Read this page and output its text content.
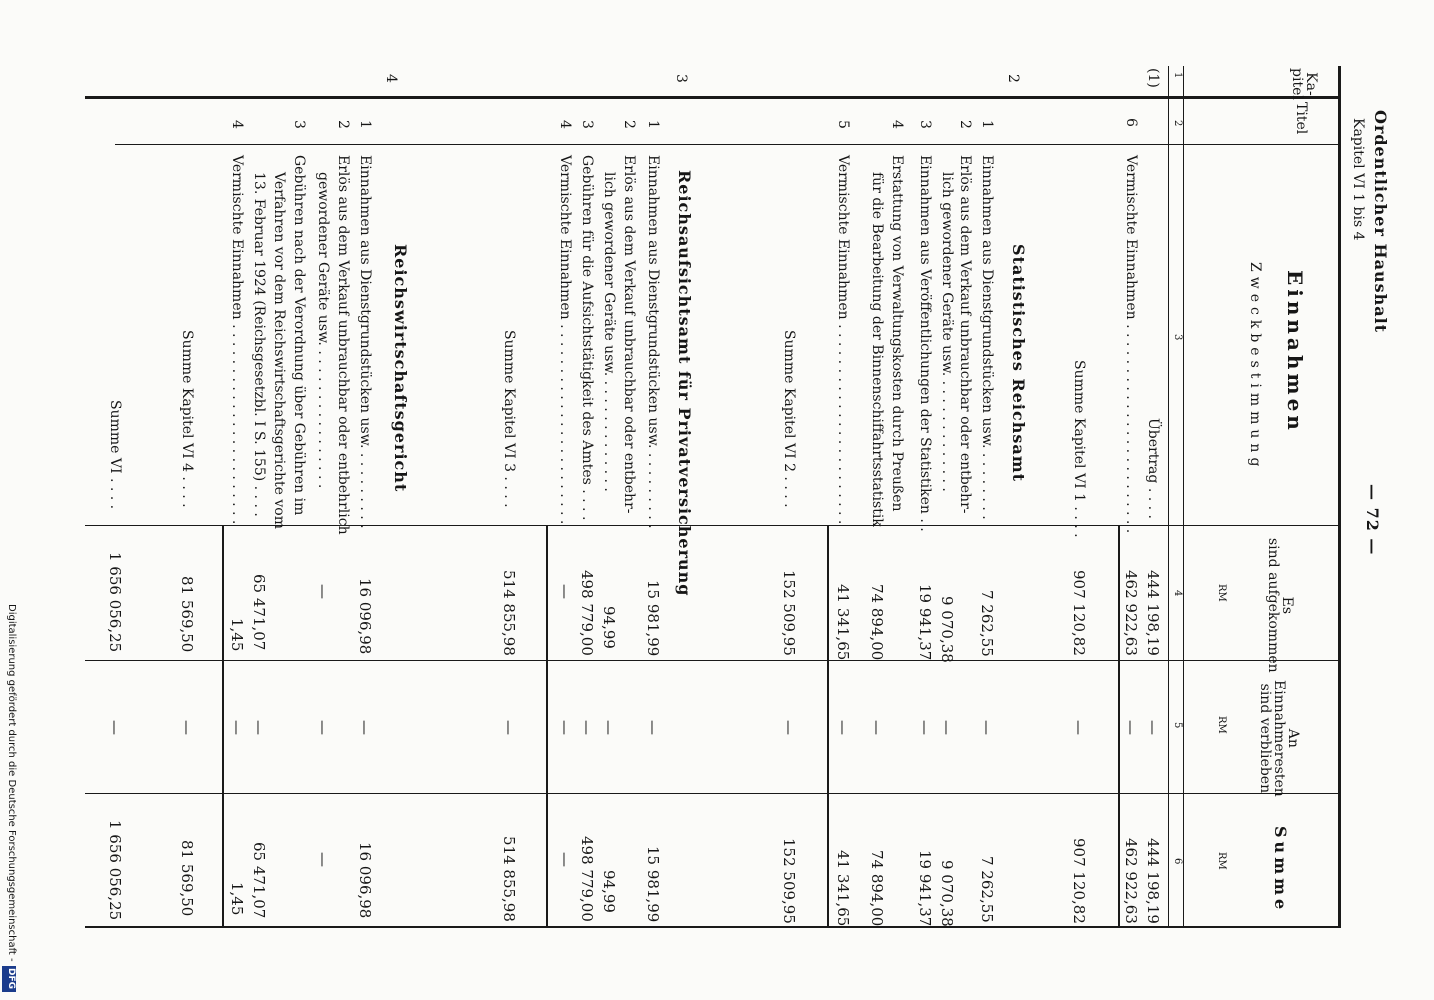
Ordentlicher Haushalt
Kapitel VI 1 bis 4
— 72 —
Ka-
pitel
Titel
Einnahmen
Zweckbestimmung
Es
sind aufgekommen
An
Einnahmeresten
sind verblieben
Summe
RM
RM
RM
1
2
3
4
5
6
(1)
Übertrag . . . .
444 198,19
—
444 198,19
6
Vermischte Einnahmen . . . . . . . . . . . . . . . . . . . . . . . .
462 922,63
—
462 922,63
Summe Kapitel VI 1 . . . .
907 120,82
—
907 120,82
2
Statistisches Reichsamt
1
Einnahmen aus Dienstgrundstücken usw. . . . . . . . .
7 262,55
—
7 262,55
2
Erlös aus dem Verkauf unbrauchbar oder entbehr-
lich gewordener Geräte usw. . . . . . . . . . . . . .
9 070,38
—
9 070,38
3
Einnahmen aus Veröffentlichungen der Statistiken . .
19 941,37
—
19 941,37
4
Erstattung von Verwaltungskosten durch Preußen
für die Bearbeitung der Binnenschiffahrtsstatistik
74 894,00
—
74 894,00
5
Vermischte Einnahmen . . . . . . . . . . . . . . . . . . . . . . .
41 341,65
—
41 341,65
Summe Kapitel VI 2 . . . .
152 509,95
—
152 509,95
3
Reichsaufsichtsamt für Privatversicherung
1
Einnahmen aus Dienstgrundstücken usw. . . . . . . . . .
15 981,99
—
15 981,99
2
Erlös aus dem Verkauf unbrauchbar oder entbehr-
lich gewordener Geräte usw. . . . . . . . . . . . . .
94,99
—
94,99
3
Gebühren für die Aufsichtstätigkeit des Amtes . . . .
498 779,00
—
498 779,00
4
Vermischte Einnahmen . . . . . . . . . . . . . . . . . . . . . . .
—
—
—
Summe Kapitel VI 3 . . . .
514 855,98
—
514 855,98
4
Reichswirtschaftsgericht
1
Einnahmen aus Dienstgrundstücken usw. . . . . . . . . .
16 096,98
—
16 096,98
2
Erlös aus dem Verkauf unbrauchbar oder entbehrlich
gewordener Geräte usw. . . . . . . . . . . . . . . . .
—
—
—
3
Gebühren nach der Verordnung über Gebühren im
Verfahren vor dem Reichswirtschaftsgerichte vom
13. Februar 1924 (Reichsgesetzbl. I S. 155) . . . .
65 471,07
—
65 471,07
4
Vermischte Einnahmen . . . . . . . . . . . . . . . . . . . . . . .
1,45
—
1,45
Summe Kapitel VI 4 . . . .
81 569,50
—
81 569,50
Summe VI . . . .
1 656 056,25
—
1 656 056,25
Digitalisierung gefördert durch die Deutsche Forschungsgemeinschaft -
DFG
